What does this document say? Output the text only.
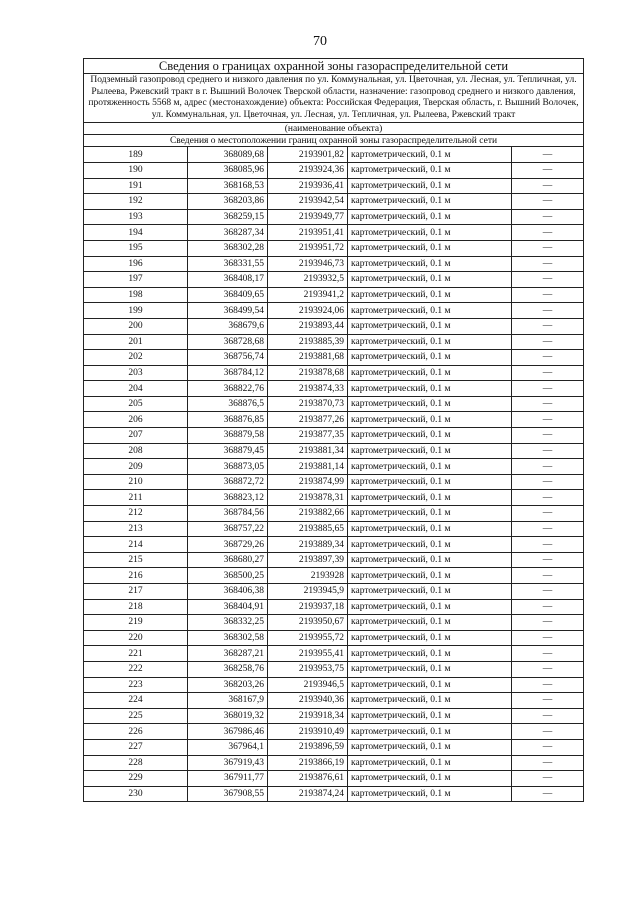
70
Сведения о границах охранной зоны газораспределительной сети				
Подземный газопровод среднего и низкого давления по ул. Коммунальная, ул. Цветочная, ул. Лесная, ул. Тепличная, ул. Рылеева, Ржевский тракт в г. Вышний Волочек Тверской области, назначение: газопровод среднего и низкого давления, протяженность 5568 м, адрес (местонахождение) объекта: Российская Федерация, Тверская область, г. Вышний Волочек, ул. Коммунальная, ул. Цветочная, ул. Лесная, ул. Тепличная, ул. Рылеева, Ржевский тракт				
(наименование объекта)				
Сведения о местоположении границ охранной зоны газораспределительной сети				
189	368089,68	2193901,82	картометрический, 0.1 м	—
190	368085,96	2193924,36	картометрический, 0.1 м	—
191	368168,53	2193936,41	картометрический, 0.1 м	—
192	368203,86	2193942,54	картометрический, 0.1 м	—
193	368259,15	2193949,77	картометрический, 0.1 м	—
194	368287,34	2193951,41	картометрический, 0.1 м	—
195	368302,28	2193951,72	картометрический, 0.1 м	—
196	368331,55	2193946,73	картометрический, 0.1 м	—
197	368408,17	2193932,5	картометрический, 0.1 м	—
198	368409,65	2193941,2	картометрический, 0.1 м	—
199	368499,54	2193924,06	картометрический, 0.1 м	—
200	368679,6	2193893,44	картометрический, 0.1 м	—
201	368728,68	2193885,39	картометрический, 0.1 м	—
202	368756,74	2193881,68	картометрический, 0.1 м	—
203	368784,12	2193878,68	картометрический, 0.1 м	—
204	368822,76	2193874,33	картометрический, 0.1 м	—
205	368876,5	2193870,73	картометрический, 0.1 м	—
206	368876,85	2193877,26	картометрический, 0.1 м	—
207	368879,58	2193877,35	картометрический, 0.1 м	—
208	368879,45	2193881,34	картометрический, 0.1 м	—
209	368873,05	2193881,14	картометрический, 0.1 м	—
210	368872,72	2193874,99	картометрический, 0.1 м	—
211	368823,12	2193878,31	картометрический, 0.1 м	—
212	368784,56	2193882,66	картометрический, 0.1 м	—
213	368757,22	2193885,65	картометрический, 0.1 м	—
214	368729,26	2193889,34	картометрический, 0.1 м	—
215	368680,27	2193897,39	картометрический, 0.1 м	—
216	368500,25	2193928	картометрический, 0.1 м	—
217	368406,38	2193945,9	картометрический, 0.1 м	—
218	368404,91	2193937,18	картометрический, 0.1 м	—
219	368332,25	2193950,67	картометрический, 0.1 м	—
220	368302,58	2193955,72	картометрический, 0.1 м	—
221	368287,21	2193955,41	картометрический, 0.1 м	—
222	368258,76	2193953,75	картометрический, 0.1 м	—
223	368203,26	2193946,5	картометрический, 0.1 м	—
224	368167,9	2193940,36	картометрический, 0.1 м	—
225	368019,32	2193918,34	картометрический, 0.1 м	—
226	367986,46	2193910,49	картометрический, 0.1 м	—
227	367964,1	2193896,59	картометрический, 0.1 м	—
228	367919,43	2193866,19	картометрический, 0.1 м	—
229	367911,77	2193876,61	картометрический, 0.1 м	—
230	367908,55	2193874,24	картометрический, 0.1 м	—
